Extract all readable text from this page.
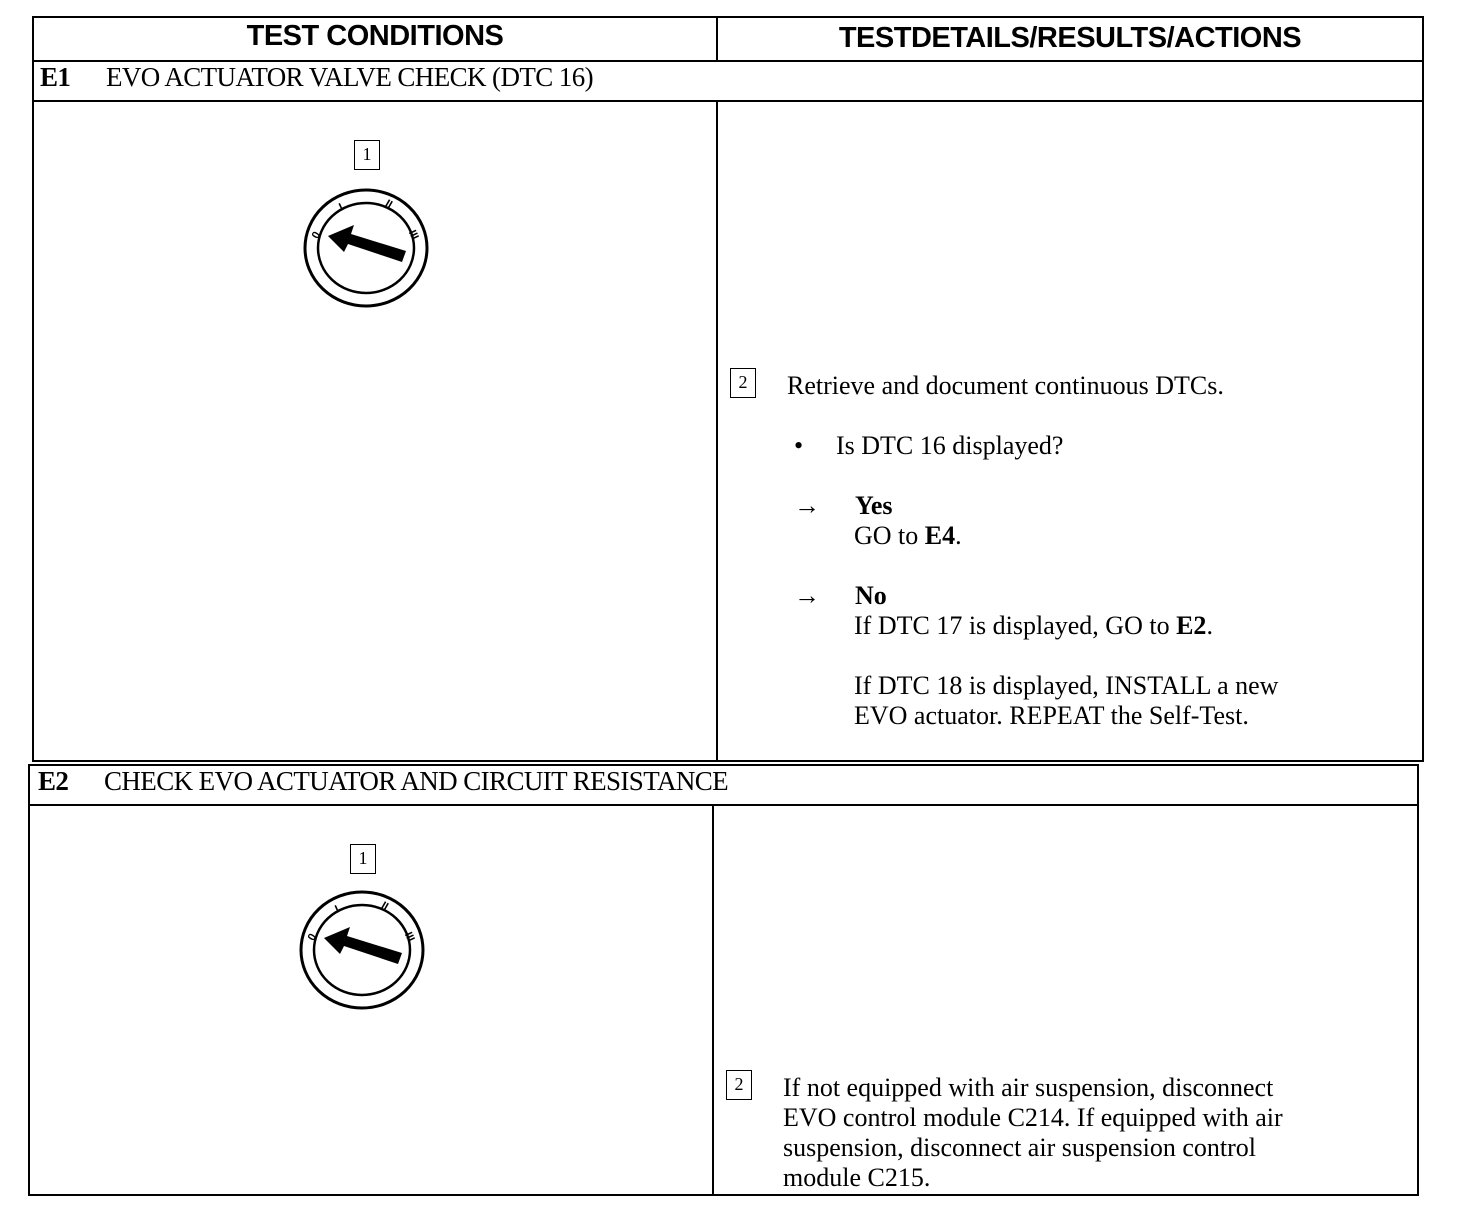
TEST CONDITIONS	TESTDETAILS/RESULTS/ACTIONS
E1 EVO ACTUATOR VALVE CHECK (DTC 16)
1
0
I	II
III
2	Retrieve and document continuous DTCs.
• Is DTC 16 displayed?
→ Yes
GO to E4.
→ No
If DTC 17 is displayed, GO to E2.
If DTC 18 is displayed, INSTALL a new
EVO actuator. REPEAT the Self-Test.
E2 CHECK EVO ACTUATOR AND CIRCUIT RESISTANCE
1
0
I	II
III
2	If not equipped with air suspension, disconnect
EVO control module C214. If equipped with air
suspension, disconnect air suspension control
module C215.
